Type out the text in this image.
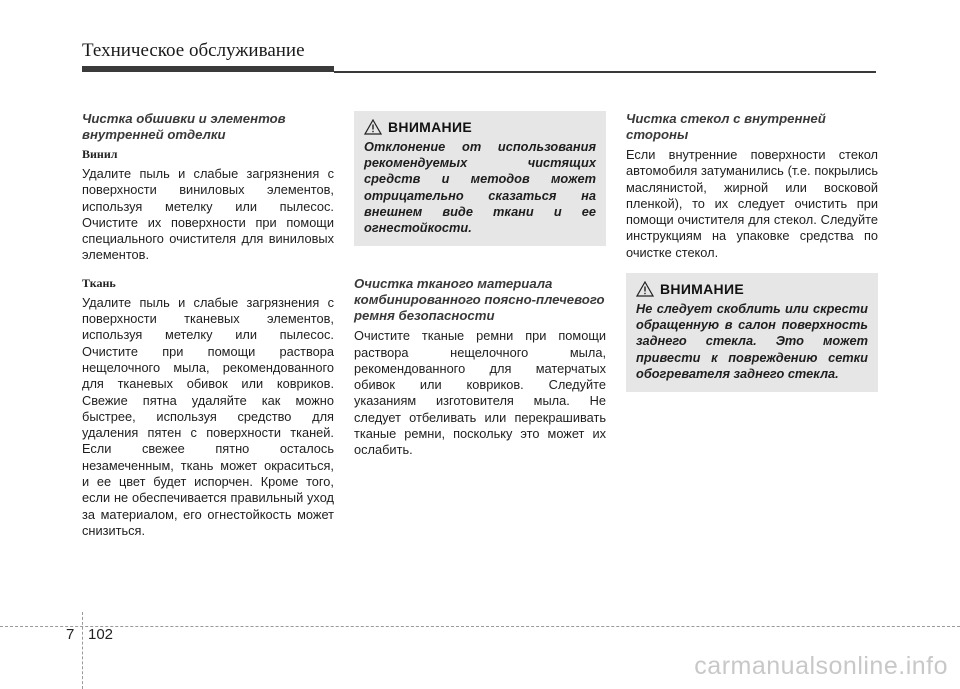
Техническое обслуживание
Чистка обшивки и элементов внутренней отделки
Винил

Удалите пыль и слабые загрязнения с поверхности виниловых элементов, используя метелку или пылесос. Очистите их поверхности при помощи специального очистителя для виниловых элементов.

Ткань

Удалите пыль и слабые загрязнения с поверхности тканевых элементов, используя метелку или пылесос. Очистите при помощи раствора нещелочного мыла, рекомендованного для тканевых обивок или ковриков. Свежие пятна удаляйте как можно быстрее, используя средство для удаления пятен с поверхности тканей. Если свежее пятно осталось незамеченным, ткань может окраситься, и ее цвет будет испорчен. Кроме того, если не обеспечивается правильный уход за материалом, его огнестойкость может снизиться.

ВНИМАНИЕ
Отклонение от использования рекомендуемых чистящих средств и методов может отрицательно сказаться на внешнем виде ткани и ее огнестойкости.
Очистка тканого материала комбинированного поясно-плечевого ремня безопасности

Очистите тканые ремни при помощи раствора нещелочного мыла, рекомендованного для матерчатых обивок или ковриков. Следуйте указаниям изготовителя мыла. Не следует отбеливать или перекрашивать тканые ремни, поскольку это может их ослабить.

Чистка стекол с внутренней стороны

Если внутренние поверхности стекол автомобиля затуманились (т.е. покрылись маслянистой, жирной или восковой пленкой), то их следует очистить при помощи очистителя для стекол. Следуйте инструкциям на упаковке средства по очистке стекол.

ВНИМАНИЕ
Не следует скоблить или скрести обращенную в салон поверхность заднего стекла. Это может привести к повреждению сетки обогревателя заднего стекла.
7 102
carmanualsonline.info
